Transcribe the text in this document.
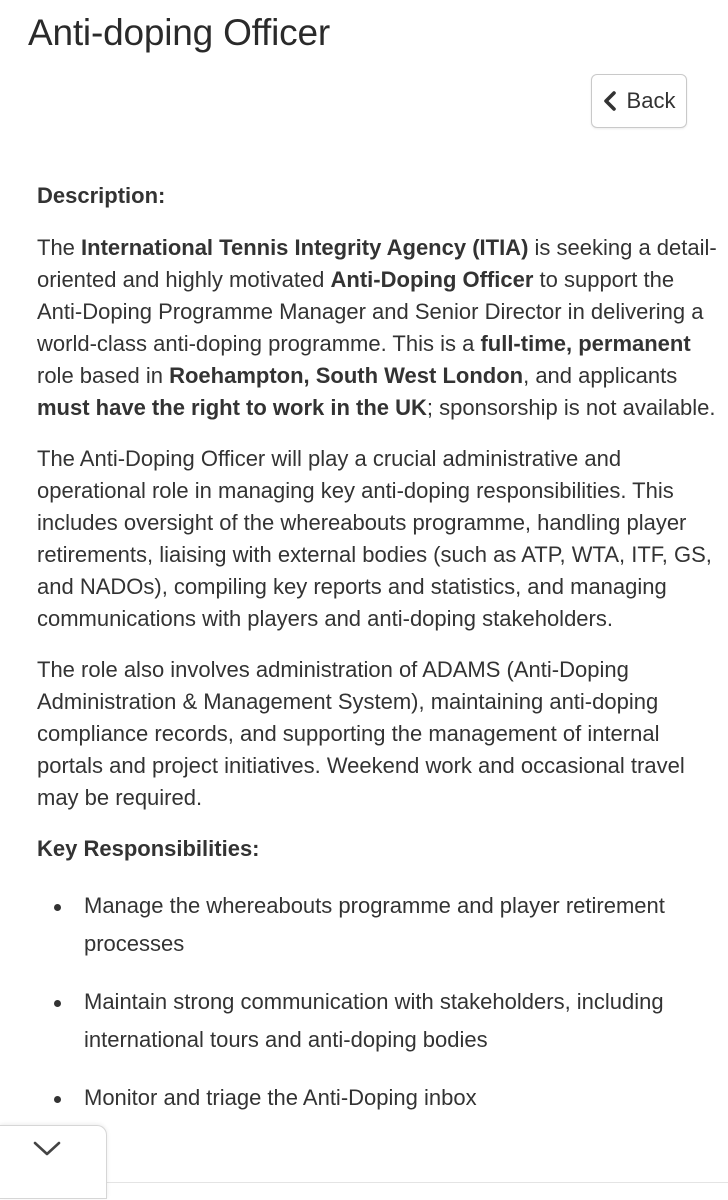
Anti-doping Officer
Back
Description:

The International Tennis Integrity Agency (ITIA) is seeking a detail-oriented and highly motivated Anti-Doping Officer to support the Anti-Doping Programme Manager and Senior Director in delivering a world-class anti-doping programme. This is a full-time, permanent role based in Roehampton, South West London, and applicants must have the right to work in the UK; sponsorship is not available.

The Anti-Doping Officer will play a crucial administrative and operational role in managing key anti-doping responsibilities. This includes oversight of the whereabouts programme, handling player retirements, liaising with external bodies (such as ATP, WTA, ITF, GS, and NADOs), compiling key reports and statistics, and managing communications with players and anti-doping stakeholders.

The role also involves administration of ADAMS (Anti-Doping Administration & Management System), maintaining anti-doping compliance records, and supporting the management of internal portals and project initiatives. Weekend work and occasional travel may be required.

Key Responsibilities:
Manage the whereabouts programme and player retirement processes
Maintain strong communication with stakeholders, including international tours and anti-doping bodies
Monitor and triage the Anti-Doping inbox
